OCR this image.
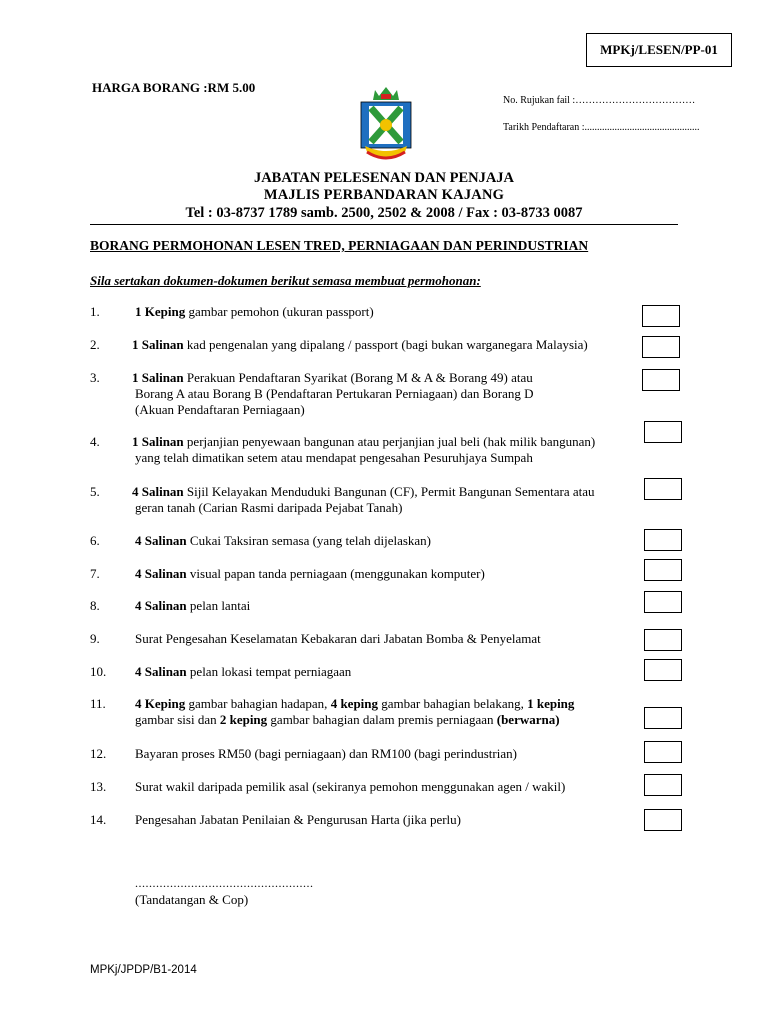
MPKj/LESEN/PP-01
HARGA BORANG :RM 5.00
No. Rujukan fail :………………………………
Tarikh Pendaftaran :..............................................
JABATAN PELESENAN DAN PENJAJA
MAJLIS PERBANDARAN KAJANG
Tel : 03-8737 1789 samb. 2500, 2502 & 2008 / Fax : 03-8733 0087
BORANG PERMOHONAN LESEN TRED, PERNIAGAAN DAN PERINDUSTRIAN
Sila sertakan dokumen-dokumen berikut semasa membuat permohonan:
1.	1 Keping gambar pemohon (ukuran passport)
2. 1 Salinan kad pengenalan yang dipalang / passport (bagi bukan warganegara Malaysia)
3. 1 Salinan Perakuan Pendaftaran Syarikat (Borang M & A & Borang 49) atau
Borang A atau Borang B (Pendaftaran Pertukaran Perniagaan) dan Borang D
(Akuan Pendaftaran Perniagaan)
4. 1 Salinan perjanjian penyewaan bangunan atau perjanjian jual beli (hak milik bangunan)
yang telah dimatikan setem atau mendapat pengesahan Pesuruhjaya Sumpah
5. 4 Salinan Sijil Kelayakan Menduduki Bangunan (CF), Permit Bangunan Sementara atau
geran tanah (Carian Rasmi daripada Pejabat Tanah)
6.	4 Salinan Cukai Taksiran semasa (yang telah dijelaskan)
7.	4 Salinan visual papan tanda perniagaan (menggunakan komputer)
8.	4 Salinan pelan lantai
9.	Surat Pengesahan Keselamatan Kebakaran dari Jabatan Bomba & Penyelamat
10. 4 Salinan pelan lokasi tempat perniagaan
11. 4 Keping gambar bahagian hadapan, 4 keping gambar bahagian belakang, 1 keping
gambar sisi dan 2 keping gambar bahagian dalam premis perniagaan (berwarna)
12. Bayaran proses RM50 (bagi perniagaan) dan RM100 (bagi perindustrian)
13. Surat wakil daripada pemilik asal (sekiranya pemohon menggunakan agen / wakil)
14. Pengesahan Jabatan Penilaian & Pengurusan Harta (jika perlu)
...................................................
(Tandatangan & Cop)
MPKj/JPDP/B1-2014
